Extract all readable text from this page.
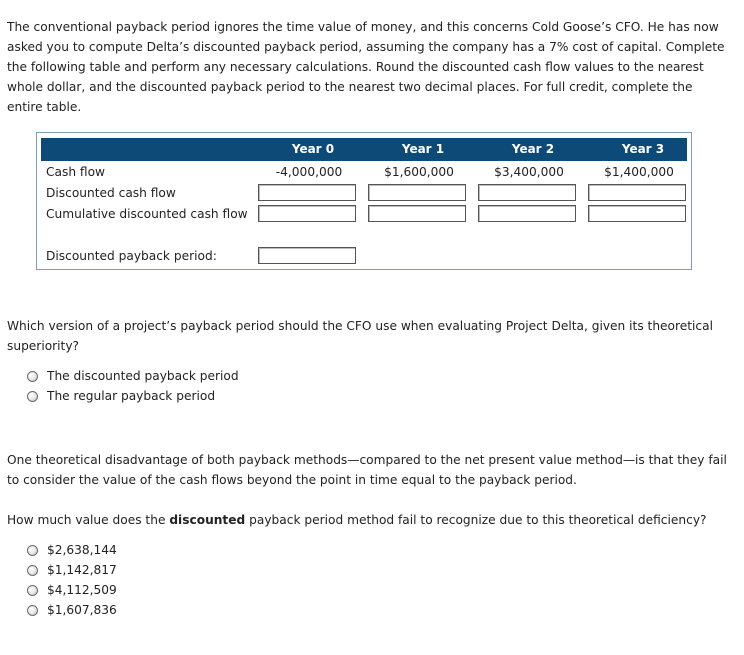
The conventional payback period ignores the time value of money, and this concerns Cold Goose’s CFO. He has now asked you to compute Delta’s discounted payback period, assuming the company has a 7% cost of capital. Complete the following table and perform any necessary calculations. Round the discounted cash flow values to the nearest whole dollar, and the discounted payback period to the nearest two decimal places. For full credit, complete the entire table.

Year 0	Year 1	Year 2	Year 3
Cash flow	-4,000,000	$1,600,000	$3,400,000	$1,400,000
Discounted cash flow
Cumulative discounted cash flow
Discounted payback period:

Which version of a project’s payback period should the CFO use when evaluating Project Delta, given its theoretical superiority?

The discounted payback period
The regular payback period

One theoretical disadvantage of both payback methods—compared to the net present value method—is that they fail to consider the value of the cash flows beyond the point in time equal to the payback period.

How much value does the discounted payback period method fail to recognize due to this theoretical deficiency?

$2,638,144
$1,142,817
$4,112,509
$1,607,836
